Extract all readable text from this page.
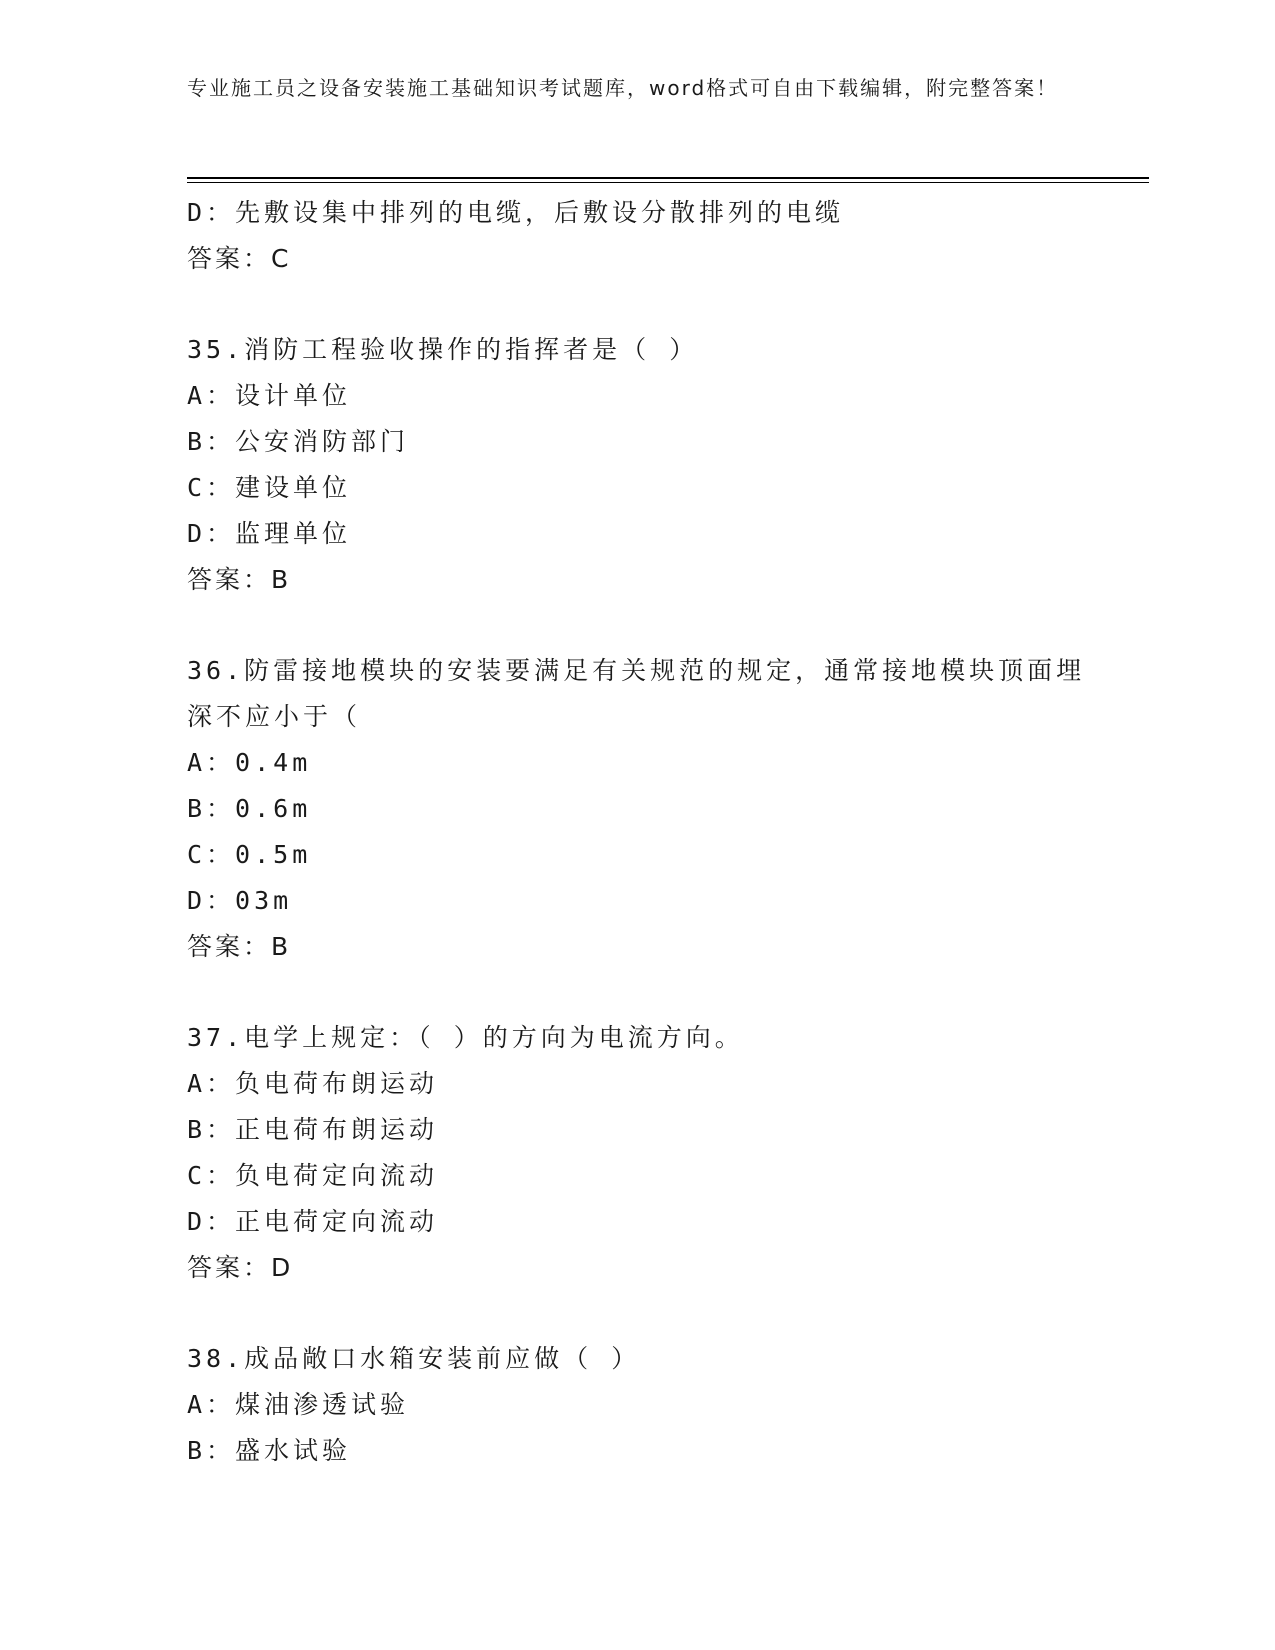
专业施工员之设备安装施工基础知识考试题库，word格式可自由下载编辑，附完整答案！
D：先敷设集中排列的电缆，后敷设分散排列的电缆
答案：C
35.消防工程验收操作的指挥者是（ ）
A：设计单位
B：公安消防部门
C：建设单位
D：监理单位
答案：B
36.防雷接地模块的安装要满足有关规范的规定，通常接地模块顶面埋深不应小于（
A：0.4m
B：0.6m
C：0.5m
D：03m
答案：B
37.电学上规定：（ ）的方向为电流方向。
A：负电荷布朗运动
B：正电荷布朗运动
C：负电荷定向流动
D：正电荷定向流动
答案：D
38.成品敞口水箱安装前应做（ ）
A：煤油渗透试验
B：盛水试验
